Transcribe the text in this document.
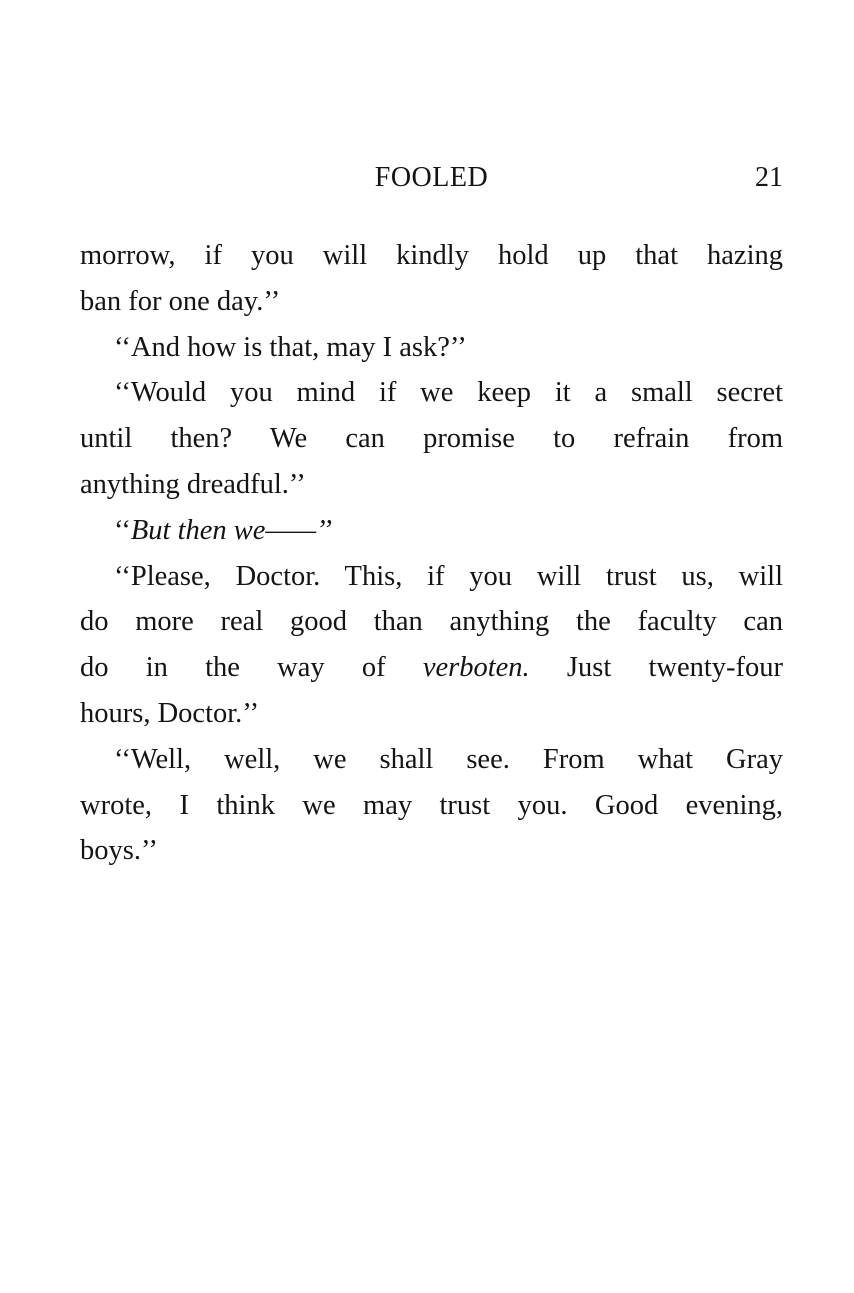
FOOLED	21
morrow, if you will kindly hold up that hazing
ban for one day.’’
‘‘And how is that, may I ask?’’
‘‘Would you mind if we keep it a small secret
until then? We can promise to refrain from
anything dreadful.’’
‘‘But then we——’’
‘‘Please, Doctor. This, if you will trust us, will
do more real good than anything the faculty can
do in the way of verboten. Just twenty-four
hours, Doctor.’’
‘‘Well, well, we shall see. From what Gray
wrote, I think we may trust you. Good evening,
boys.’’
